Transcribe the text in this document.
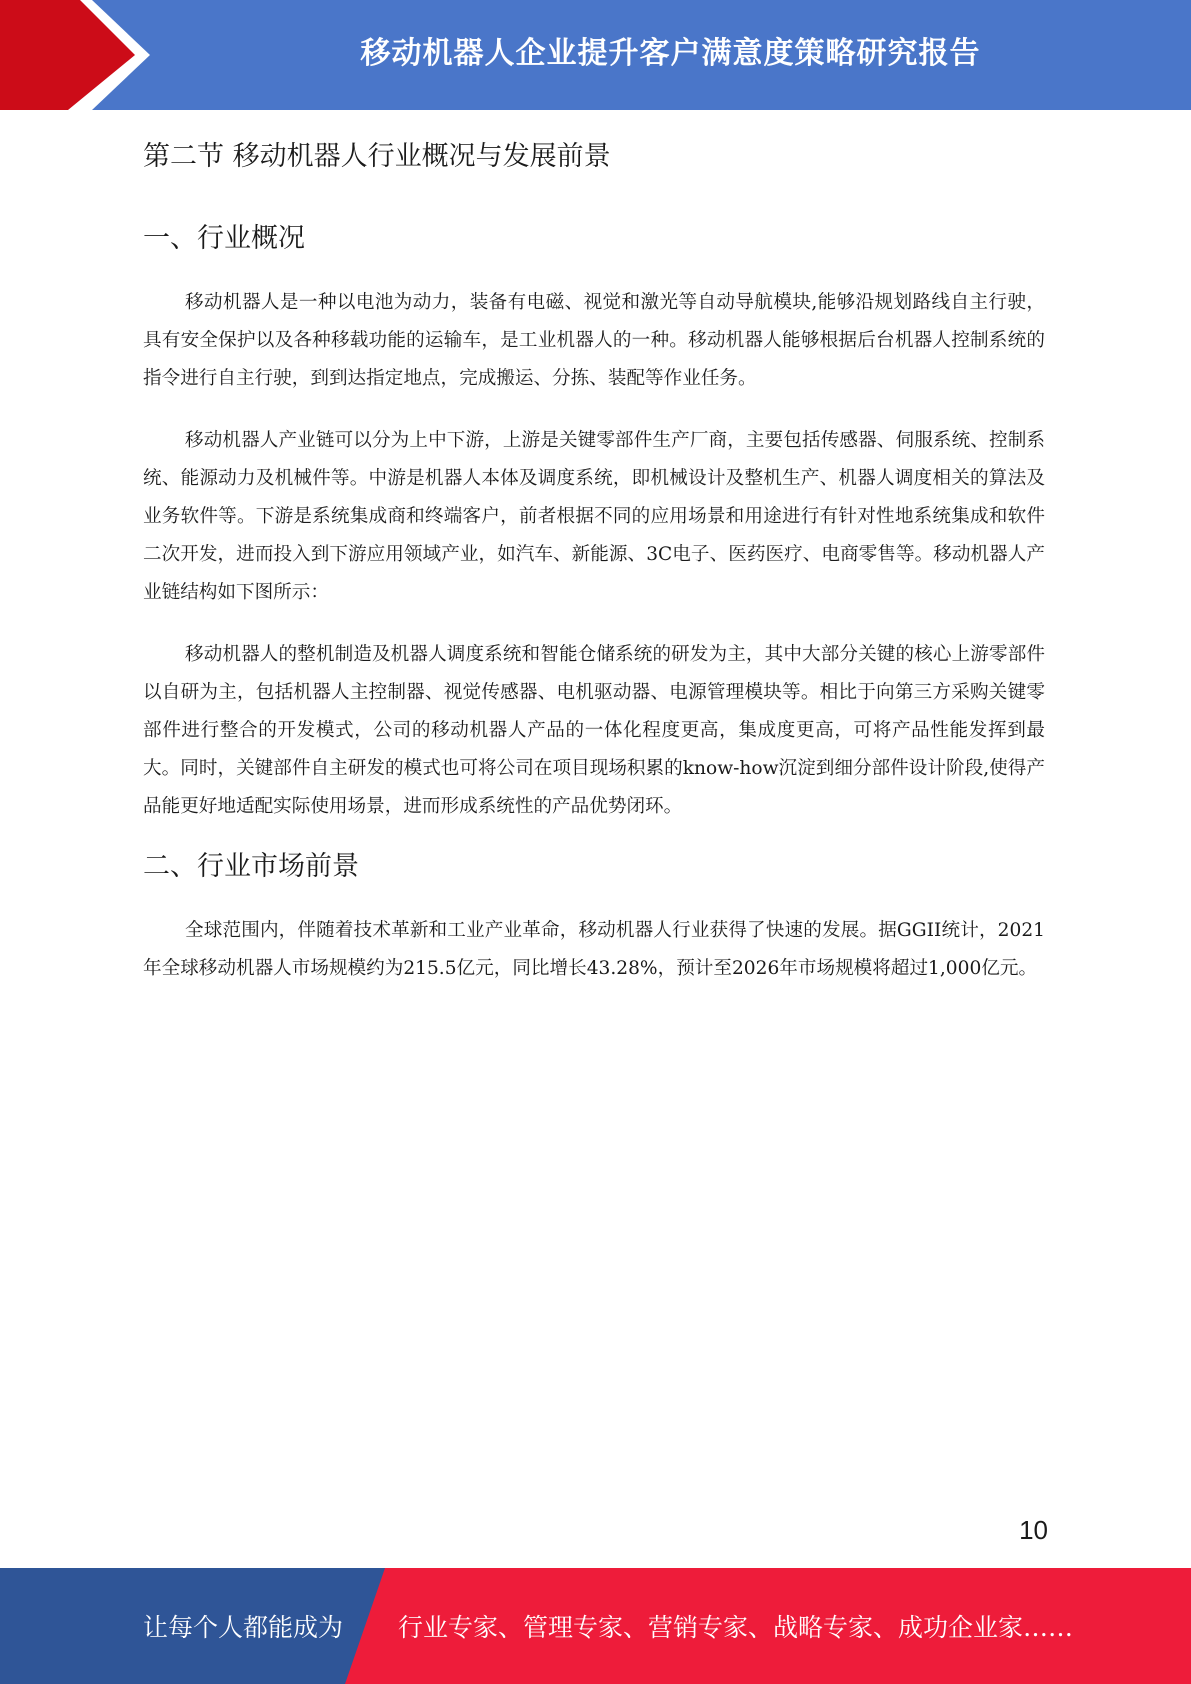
移动机器人企业提升客户满意度策略研究报告
第二节 移动机器人行业概况与发展前景
一、行业概况

移动机器人是一种以电池为动力，装备有电磁、视觉和激光等自动导航模块,能够沿规划路线自主行驶，具有安全保护以及各种移载功能的运输车，是工业机器人的一种。移动机器人能够根据后台机器人控制系统的指令进行自主行驶，到到达指定地点，完成搬运、分拣、装配等作业任务。

移动机器人产业链可以分为上中下游，上游是关键零部件生产厂商，主要包括传感器、伺服系统、控制系统、能源动力及机械件等。中游是机器人本体及调度系统，即机械设计及整机生产、机器人调度相关的算法及业务软件等。下游是系统集成商和终端客户，前者根据不同的应用场景和用途进行有针对性地系统集成和软件二次开发，进而投入到下游应用领域产业，如汽车、新能源、3C电子、医药医疗、电商零售等。移动机器人产业链结构如下图所示：

移动机器人的整机制造及机器人调度系统和智能仓储系统的研发为主，其中大部分关键的核心上游零部件以自研为主，包括机器人主控制器、视觉传感器、电机驱动器、电源管理模块等。相比于向第三方采购关键零部件进行整合的开发模式，公司的移动机器人产品的一体化程度更高，集成度更高，可将产品性能发挥到最大。同时，关键部件自主研发的模式也可将公司在项目现场积累的know-how沉淀到细分部件设计阶段,使得产品能更好地适配实际使用场景，进而形成系统性的产品优势闭环。

二、行业市场前景

全球范围内，伴随着技术革新和工业产业革命，移动机器人行业获得了快速的发展。据GGII统计，2021年全球移动机器人市场规模约为215.5亿元，同比增长43.28%，预计至2026年市场规模将超过1,000亿元。

10
让每个人都能成为 行业专家、管理专家、营销专家、战略专家、成功企业家……
